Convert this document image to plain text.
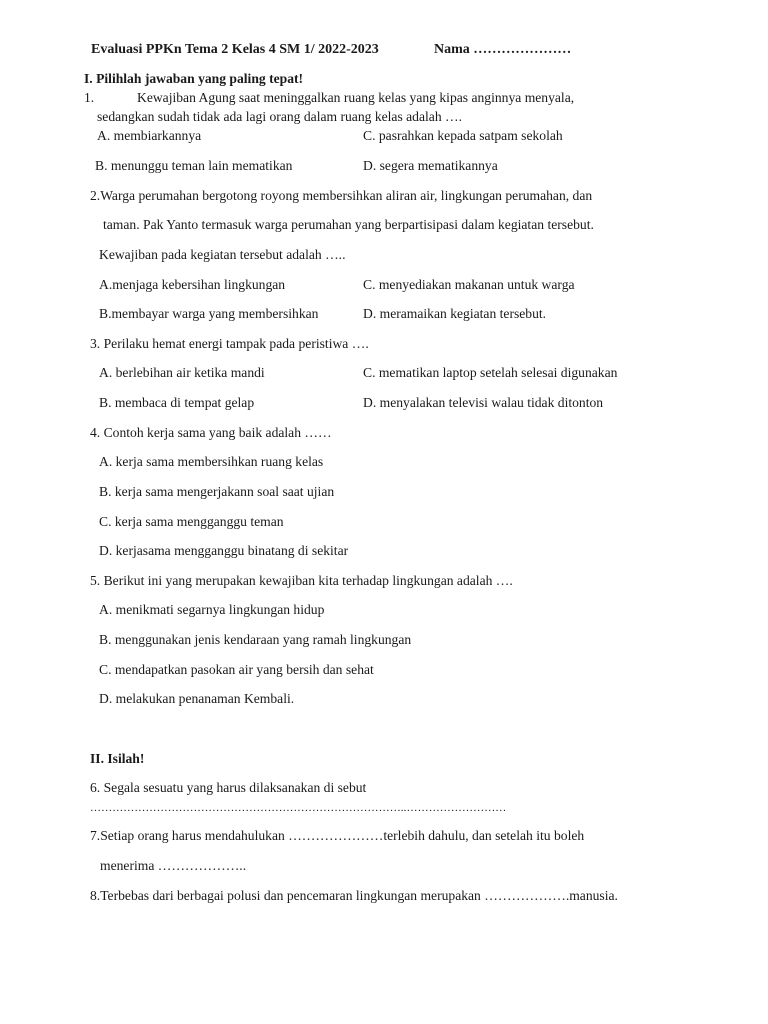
Evaluasi PPKn Tema 2 Kelas 4 SM 1/ 2022-2023	Nama …………………
I. Pilihlah jawaban yang paling tepat!
1.	Kewajiban Agung saat meninggalkan ruang kelas yang kipas anginnya menyala,
sedangkan sudah tidak ada lagi orang dalam ruang kelas adalah ….
A. membiarkannya	C. pasrahkan kepada satpam sekolah
B. menunggu teman lain mematikan	D. segera mematikannya
2.Warga perumahan bergotong royong membersihkan aliran air, lingkungan perumahan, dan
taman. Pak Yanto termasuk warga perumahan yang berpartisipasi dalam kegiatan tersebut.
Kewajiban pada kegiatan tersebut adalah …..
A.menjaga kebersihan lingkungan	C. menyediakan makanan untuk warga
B.membayar warga yang membersihkan	D. meramaikan kegiatan tersebut.
3. Perilaku hemat energi tampak pada peristiwa ….
A. berlebihan air ketika mandi	C. mematikan laptop setelah selesai digunakan
B. membaca di tempat gelap	D. menyalakan televisi walau tidak ditonton
4. Contoh kerja sama yang baik adalah ……
A. kerja sama membersihkan ruang kelas
B. kerja sama mengerjakann soal saat ujian
C. kerja sama mengganggu teman
D. kerjasama mengganggu binatang di sekitar
5. Berikut ini yang merupakan kewajiban kita terhadap lingkungan adalah ….
A. menikmati segarnya lingkungan hidup
B. menggunakan jenis kendaraan yang ramah lingkungan
C. mendapatkan pasokan air yang bersih dan sehat
D. melakukan penanaman Kembali.
II. Isilah!
6. Segala sesuatu yang harus dilaksanakan di sebut
…………………………………………………………………………..………………………
7.Setiap orang harus mendahulukan …………………terlebih dahulu, dan setelah itu boleh
menerima ………………..
8.Terbebas dari berbagai polusi dan pencemaran lingkungan merupakan ……………….manusia.
